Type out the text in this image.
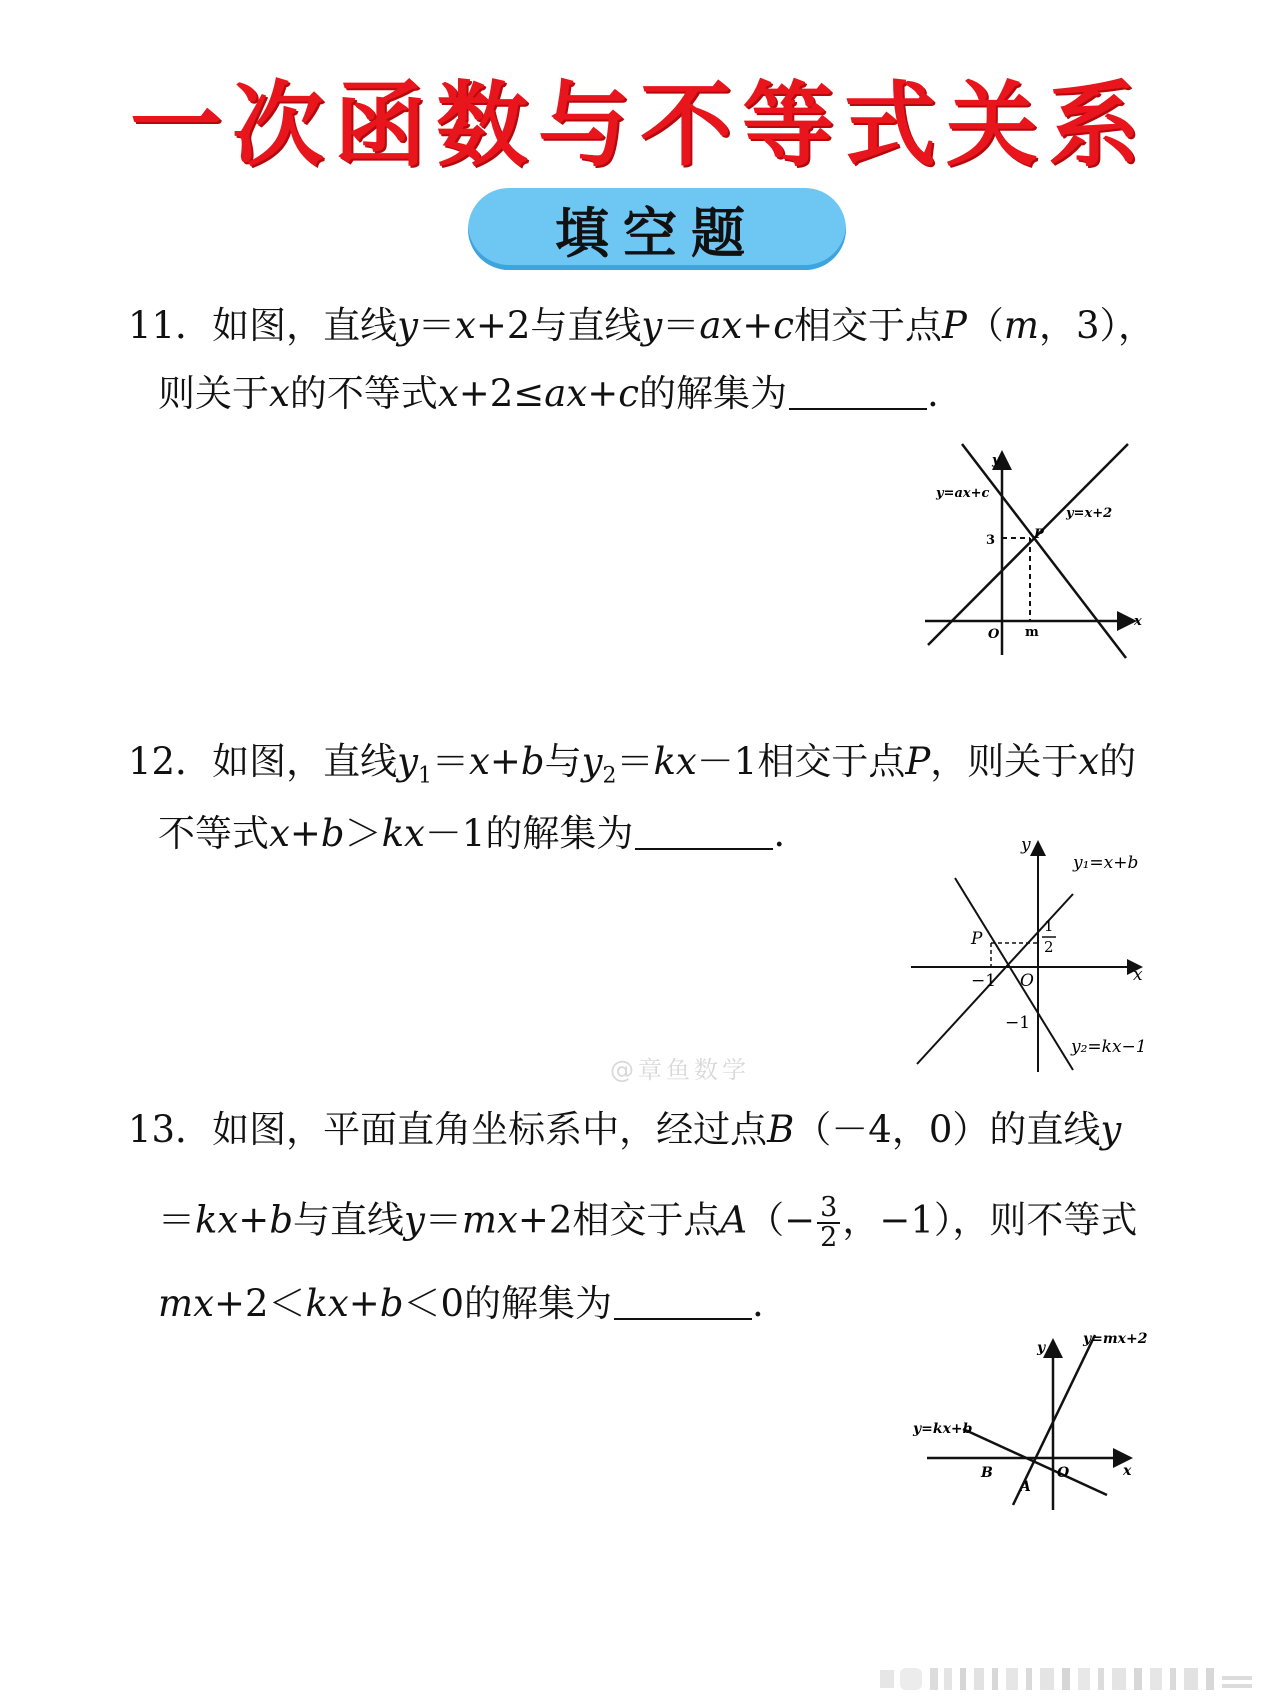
一次函数与不等式关系
填空题
11．如图，直线y＝x+2与直线y＝ax+c相交于点P（m，3），
则关于x的不等式x+2≤ax+c的解集为	.
y=ax+c
y=x+2
y
x
3	P
O m
12．如图，直线$y_1=x+b$与$y_2=kx-1$相交于点P，则关于x的
不等式x+b＞kx－1的解集为	.	y
x
y₁=x+b
y₂=kx−1
P
−1 O
−1
1
2
@章鱼数学
13．如图，平面直角坐标系中，经过点B（－4，0）的直线y
＝kx+b与直线y＝mx+2相交于点$A(- \frac{3}{2}$ ，−1），则不等式
mx+2＜kx+b＜0的解集为	.
y
x
y=mx+2
y=kx+b
B	O
A
